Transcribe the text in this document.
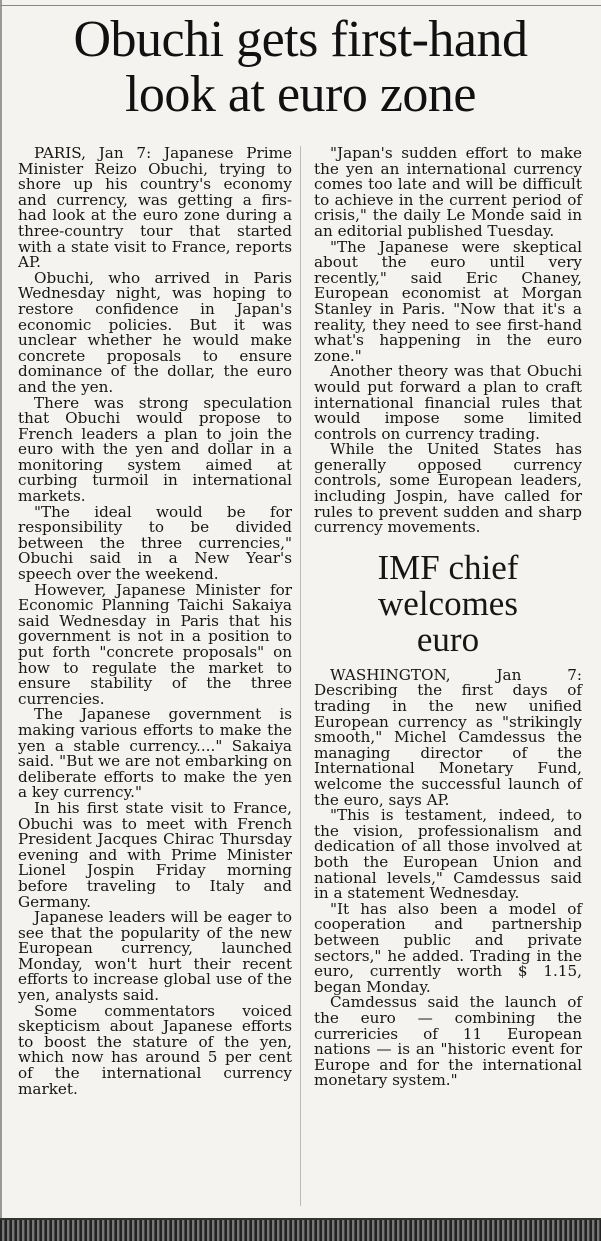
Obuchi gets first-hand
look at euro zone

PARIS, Jan 7: Japanese Prime Minister Reizo Obuchi, trying to shore up his country's economy and currency, was getting a firs-had look at the euro zone during a three-country tour that started with a state visit to France, reports AP.

Obuchi, who arrived in Paris Wednesday night, was hoping to restore confidence in Japan's economic policies. But it was unclear whether he would make concrete proposals to ensure dominance of the dollar, the euro and the yen.

There was strong speculation that Obuchi would propose to French leaders a plan to join the euro with the yen and dollar in a monitoring system aimed at curbing turmoil in international markets.

"The ideal would be for responsibility to be divided between the three currencies," Obuchi said in a New Year's speech over the weekend.

However, Japanese Minister for Economic Planning Taichi Sakaiya said Wednesday in Paris that his government is not in a position to put forth "concrete proposals" on how to regulate the market to ensure stability of the three currencies.

The Japanese government is making various efforts to make the yen a stable currency...." Sakaiya said. "But we are not embarking on deliberate efforts to make the yen a key currency."

In his first state visit to France, Obuchi was to meet with French President Jacques Chirac Thursday evening and with Prime Minister Lionel Jospin Friday morning before traveling to Italy and Germany.

Japanese leaders will be eager to see that the popularity of the new European currency, launched Monday, won't hurt their recent efforts to increase global use of the yen, analysts said.

Some commentators voiced skepticism about Japanese efforts to boost the stature of the yen, which now has around 5 per cent of the international currency market.

"Japan's sudden effort to make the yen an international currency comes too late and will be difficult to achieve in the current period of crisis," the daily Le Monde said in an editorial published Tuesday.

"The Japanese were skeptical about the euro until very recently," said Eric Chaney, European economist at Morgan Stanley in Paris. "Now that it's a reality, they need to see first-hand what's happening in the euro zone."

Another theory was that Obuchi would put forward a plan to craft international financial rules that would impose some limited controls on currency trading.

While the United States has generally opposed currency controls, some European leaders, including Jospin, have called for rules to prevent sudden and sharp currency movements.

IMF chief
welcomes
euro

WASHINGTON, Jan 7: Describing the first days of trading in the new unified European currency as "strikingly smooth," Michel Camdessus the managing director of the International Monetary Fund, welcome the successful launch of the euro, says AP.

"This is testament, indeed, to the vision, professionalism and dedication of all those involved at both the European Union and national levels," Camdessus said in a statement Wednesday.

"It has also been a model of cooperation and partnership between public and private sectors," he added. Trading in the euro, currently worth $ 1.15, began Monday.

Camdessus said the launch of the euro — combining the currericies of 11 European nations — is an "historic event for Europe and for the international monetary system."
